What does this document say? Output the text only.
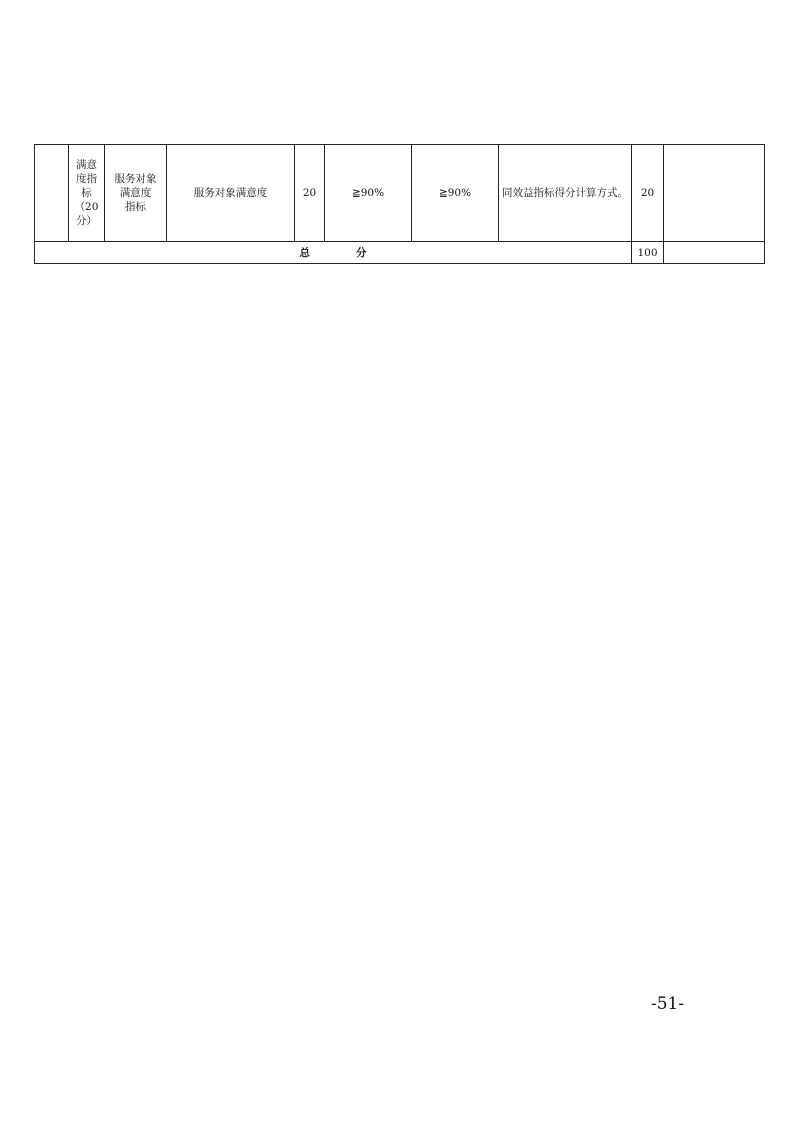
	满意
度指
标
（20
分）	服务对象
满意度
指标	服务对象满意度	20	≧90%	≧90%	同效益指标得分计算方式。	20	
总 分								100	
-51-
